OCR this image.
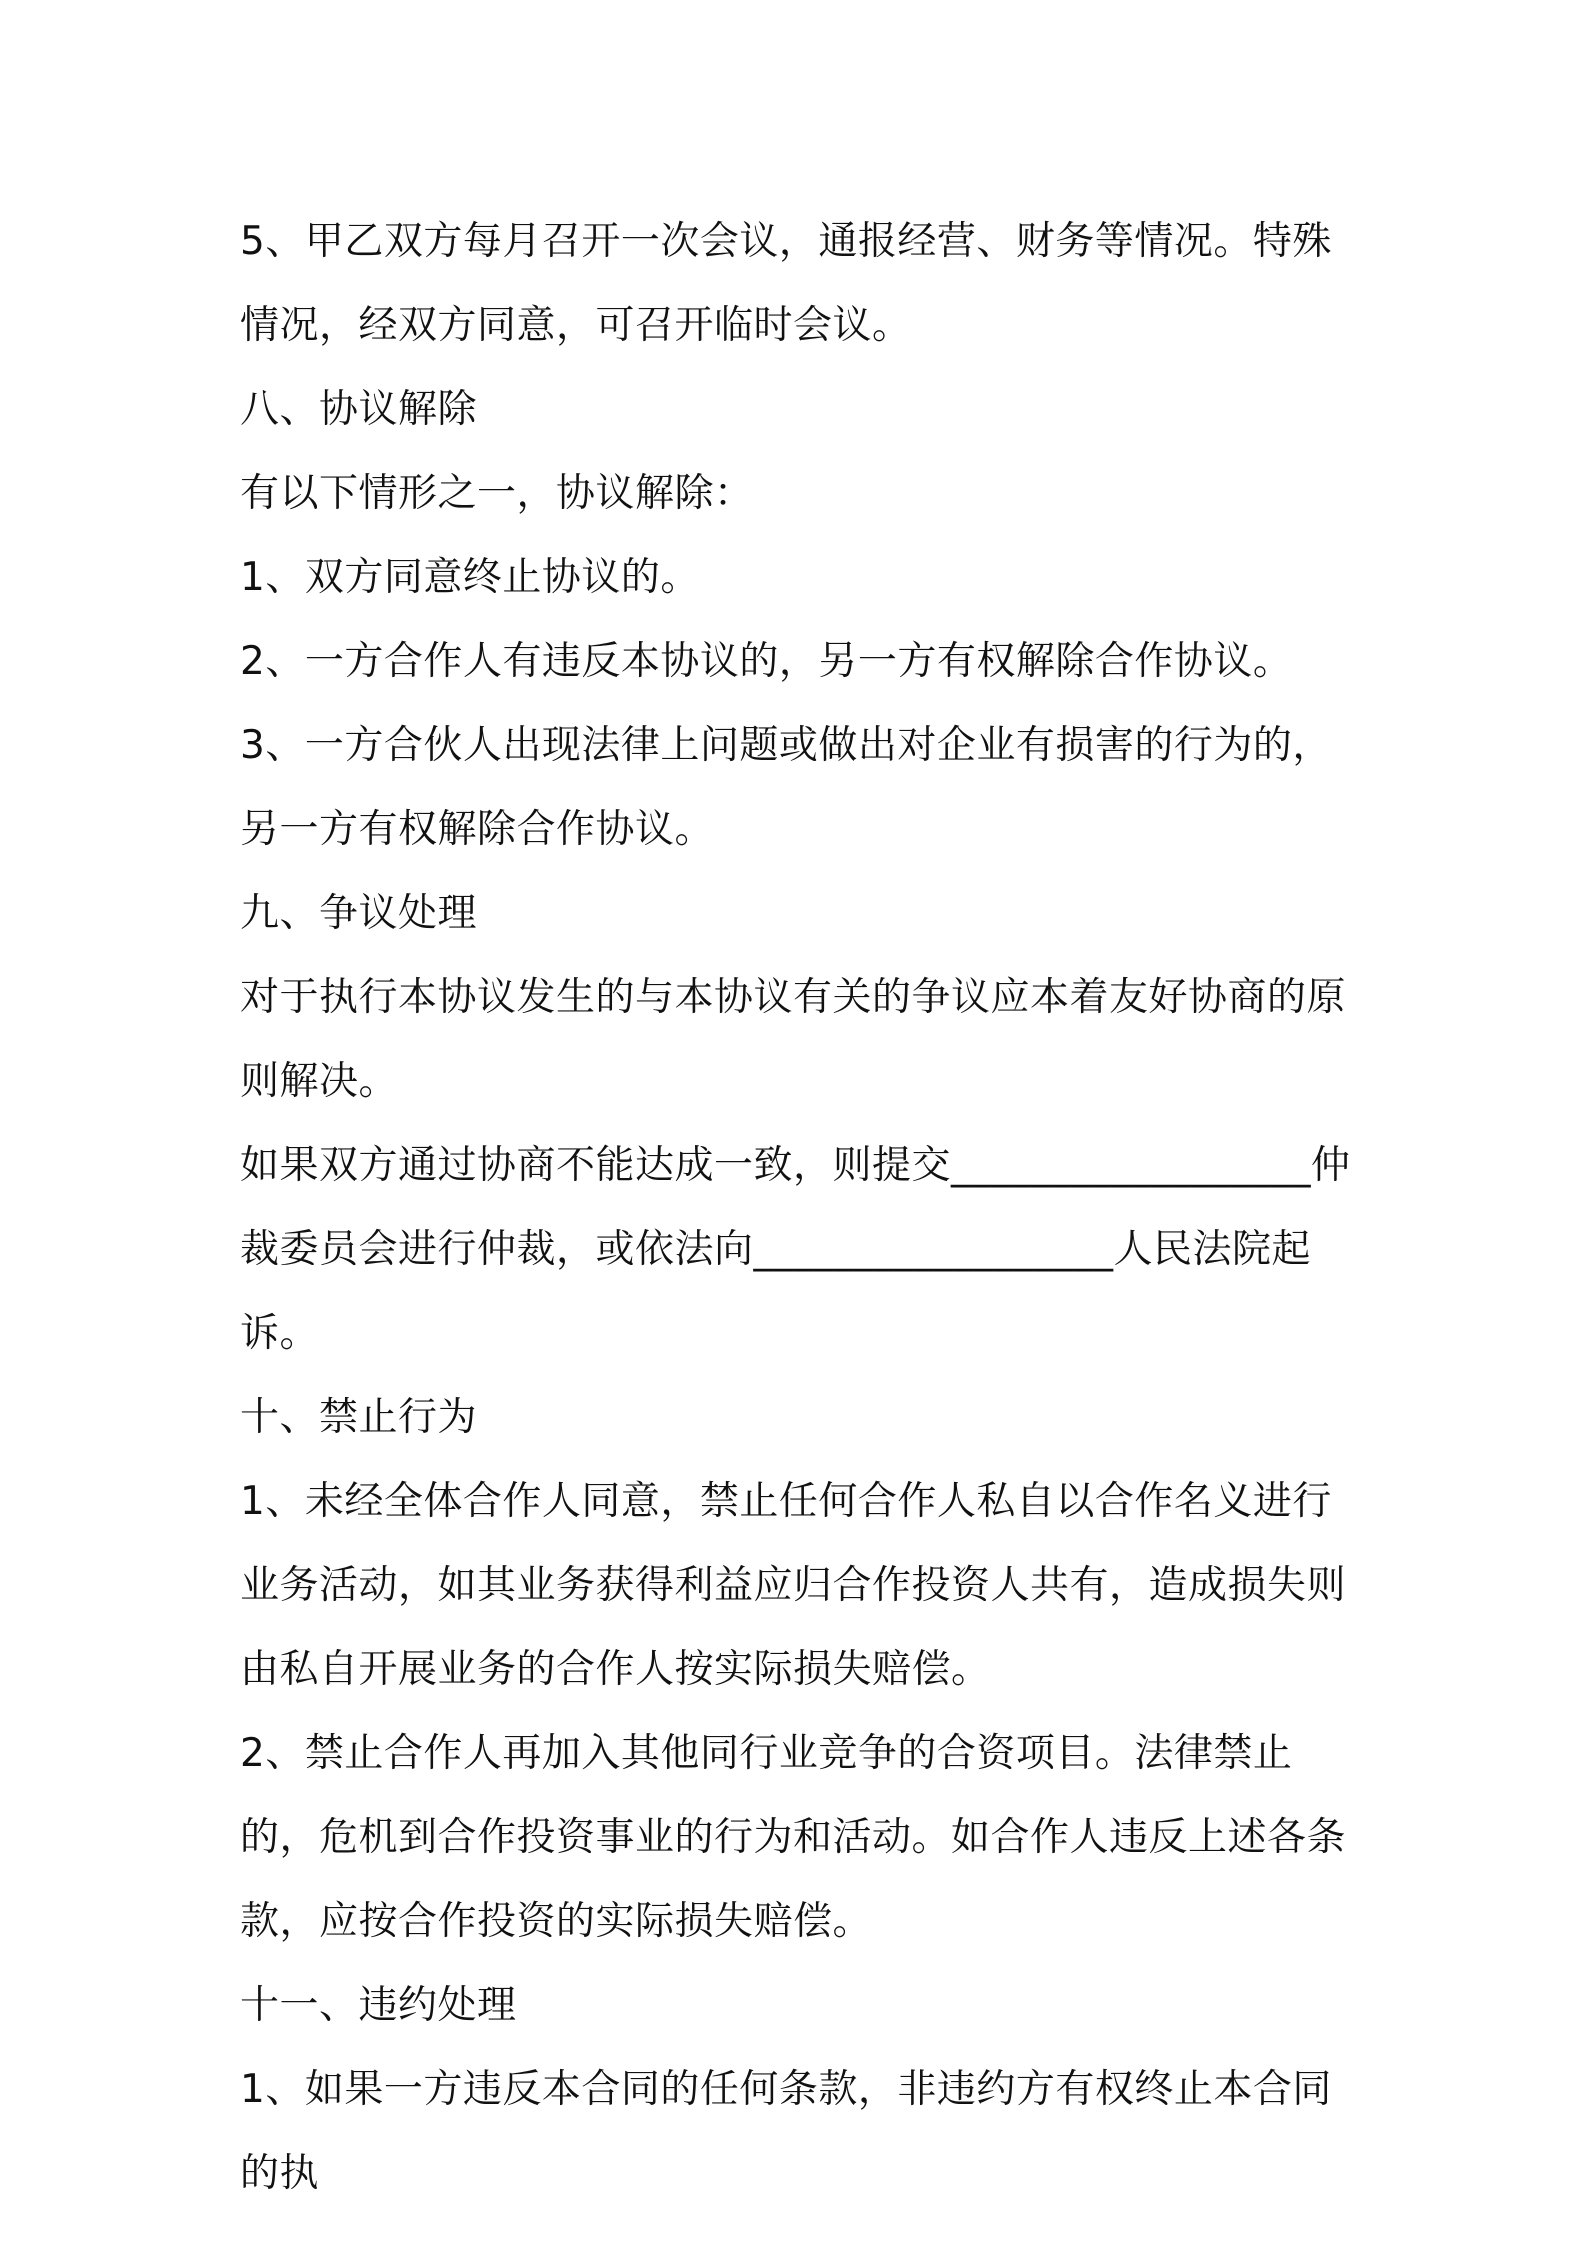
5、甲乙双方每月召开一次会议，通报经营、财务等情况。特殊情况，经双方同意，可召开临时会议。

八、协议解除

有以下情形之一，协议解除：

1、双方同意终止协议的。

2、一方合作人有违反本协议的，另一方有权解除合作协议。

3、一方合伙人出现法律上问题或做出对企业有损害的行为的，另一方有权解除合作协议。

九、争议处理

对于执行本协议发生的与本协议有关的争议应本着友好协商的原则解决。

如果双方通过协商不能达成一致，则提交__________________仲裁委员会进行仲裁，或依法向__________________人民法院起诉。

十、禁止行为

1、未经全体合作人同意，禁止任何合作人私自以合作名义进行业务活动，如其业务获得利益应归合作投资人共有，造成损失则由私自开展业务的合作人按实际损失赔偿。

2、禁止合作人再加入其他同行业竞争的合资项目。法律禁止的，危机到合作投资事业的行为和活动。如合作人违反上述各条款，应按合作投资的实际损失赔偿。

十一、违约处理

1、如果一方违反本合同的任何条款，非违约方有权终止本合同的执
